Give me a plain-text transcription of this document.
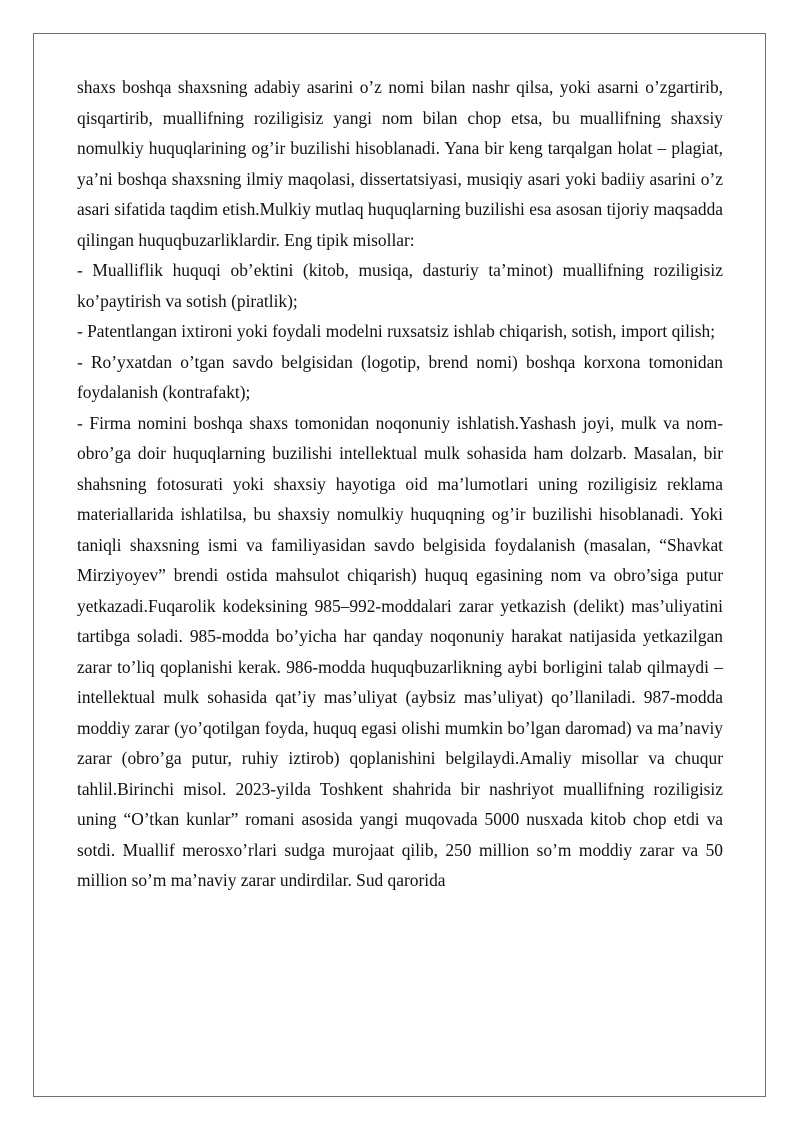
shaxs boshqa shaxsning adabiy asarini o’z nomi bilan nashr qilsa, yoki asarni o’zgartirib, qisqartirib, muallifning roziligisiz yangi nom bilan chop etsa, bu muallifning shaxsiy nomulkiy huquqlarining og’ir buzilishi hisoblanadi. Yana bir keng tarqalgan holat – plagiat, ya’ni boshqa shaxsning ilmiy maqolasi, dissertatsiyasi, musiqiy asari yoki badiiy asarini o’z asari sifatida taqdim etish.Mulkiy mutlaq huquqlarning buzilishi esa asosan tijoriy maqsadda qilingan huquqbuzarliklardir. Eng tipik misollar:

- Mualliflik huquqi ob’ektini (kitob, musiqa, dasturiy ta’minot) muallifning roziligisiz ko’paytirish va sotish (piratlik);

- Patentlangan ixtironi yoki foydali modelni ruxsatsiz ishlab chiqarish, sotish, import qilish;

- Ro’yxatdan o’tgan savdo belgisidan (logotip, brend nomi) boshqa korxona tomonidan foydalanish (kontrafakt);

- Firma nomini boshqa shaxs tomonidan noqonuniy ishlatish.Yashash joyi, mulk va nom-obro’ga doir huquqlarning buzilishi intellektual mulk sohasida ham dolzarb. Masalan, bir shahsning fotosurati yoki shaxsiy hayotiga oid ma’lumotlari uning roziligisiz reklama materiallarida ishlatilsa, bu shaxsiy nomulkiy huquqning og’ir buzilishi hisoblanadi. Yoki taniqli shaxsning ismi va familiyasidan savdo belgisida foydalanish (masalan, “Shavkat Mirziyoyev” brendi ostida mahsulot chiqarish) huquq egasining nom va obro’siga putur yetkazadi.Fuqarolik kodeksining 985–992-moddalari zarar yetkazish (delikt) mas’uliyatini tartibga soladi. 985-modda bo’yicha har qanday noqonuniy harakat natijasida yetkazilgan zarar to’liq qoplanishi kerak. 986-modda huquqbuzarlikning aybi borligini talab qilmaydi – intellektual mulk sohasida qat’iy mas’uliyat (aybsiz mas’uliyat) qo’llaniladi. 987-modda moddiy zarar (yo’qotilgan foyda, huquq egasi olishi mumkin bo’lgan daromad) va ma’naviy zarar (obro’ga putur, ruhiy iztirob) qoplanishini belgilaydi.Amaliy misollar va chuqur tahlil.Birinchi misol. 2023-yilda Toshkent shahrida bir nashriyot muallifning roziligisiz uning “O’tkan kunlar” romani asosida yangi muqovada 5000 nusxada kitob chop etdi va sotdi. Muallif merosxo’rlari sudga murojaat qilib, 250 million so’m moddiy zarar va 50 million so’m ma’naviy zarar undirdilar. Sud qarorida
